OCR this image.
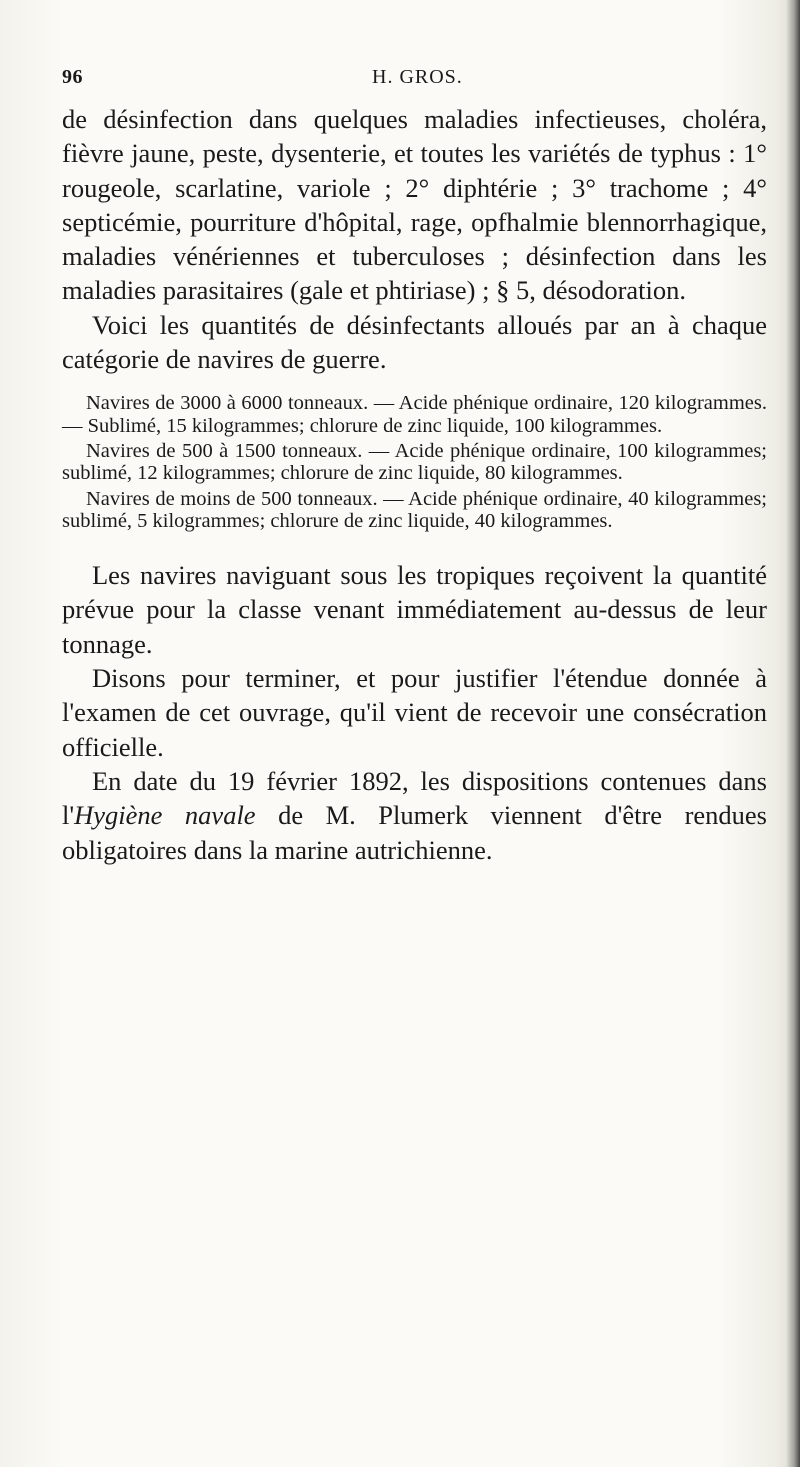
96	H. GROS.

de désinfection dans quelques maladies infectieuses, choléra, fièvre jaune, peste, dysenterie, et toutes les variétés de typhus : 1° rougeole, scarlatine, variole ; 2° diphtérie ; 3° trachome ; 4° septicémie, pourriture d'hôpital, rage, opfhalmie blennorrhagique, maladies vénériennes et tuberculoses ; désinfection dans les maladies parasitaires (gale et phtiriase) ; § 5, désodoration.

Voici les quantités de désinfectants alloués par an à chaque catégorie de navires de guerre.

Navires de 3000 à 6000 tonneaux. — Acide phénique ordinaire, 120 kilogrammes. — Sublimé, 15 kilogrammes; chlorure de zinc liquide, 100 kilogrammes.

Navires de 500 à 1500 tonneaux. — Acide phénique ordinaire, 100 kilogrammes; sublimé, 12 kilogrammes; chlorure de zinc liquide, 80 kilogrammes.

Navires de moins de 500 tonneaux. — Acide phénique ordinaire, 40 kilogrammes; sublimé, 5 kilogrammes; chlorure de zinc liquide, 40 kilogrammes.

Les navires naviguant sous les tropiques reçoivent la quantité prévue pour la classe venant immédiatement au-dessus de leur tonnage.

Disons pour terminer, et pour justifier l'étendue donnée à l'examen de cet ouvrage, qu'il vient de recevoir une consécration officielle.

En date du 19 février 1892, les dispositions contenues dans l'Hygiène navale de M. Plumerk viennent d'être rendues obligatoires dans la marine autrichienne.
